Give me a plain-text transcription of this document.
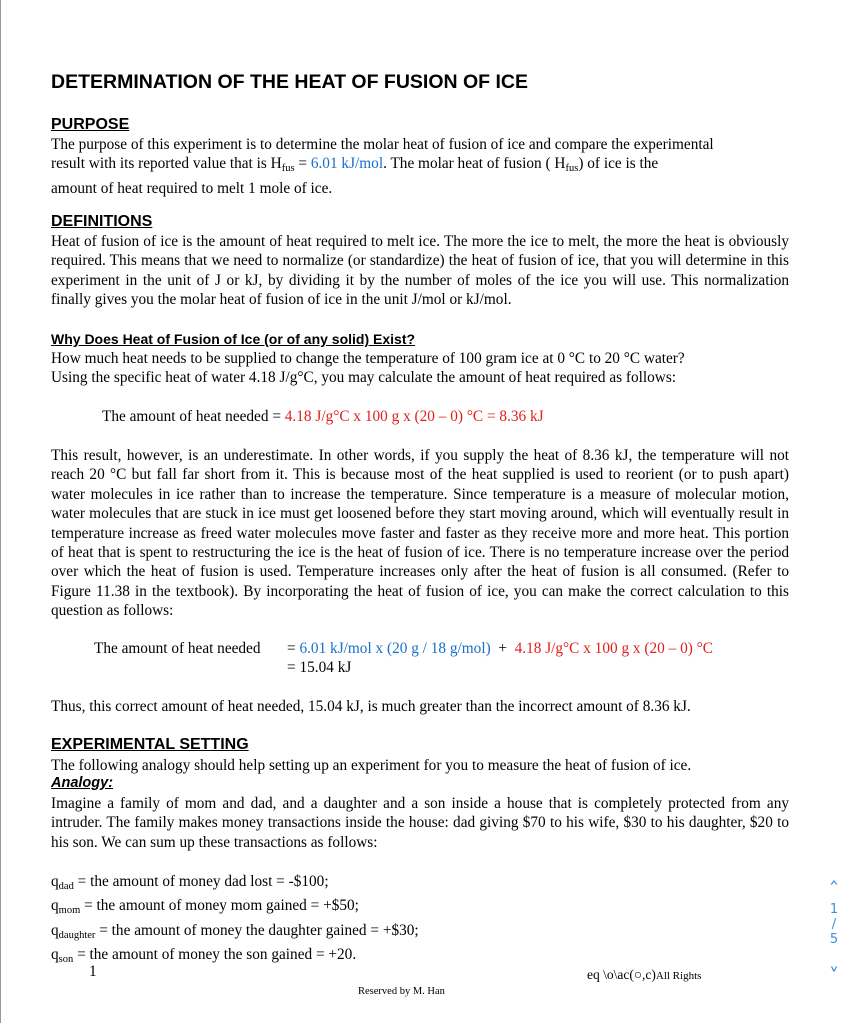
DETERMINATION OF THE HEAT OF FUSION OF ICE
PURPOSE
The purpose of this experiment is to determine the molar heat of fusion of ice and compare the experimental
result with its reported value that is $H_{fus} = 6.01$ kJ/mol. The molar heat of fusion ( $H_{fus}$) of ice is the
amount of heat required to melt 1 mole of ice.
DEFINITIONS
Heat of fusion of ice is the amount of heat required to melt ice. The more the ice to melt, the more the heat is obviously required. This means that we need to normalize (or standardize) the heat of fusion of ice, that you will determine in this experiment in the unit of J or kJ, by dividing it by the number of moles of the ice you will use. This normalization finally gives you the molar heat of fusion of ice in the unit J/mol or kJ/mol.
Why Does Heat of Fusion of Ice (or of any solid) Exist?
How much heat needs to be supplied to change the temperature of 100 gram ice at 0 °C to 20 °C water?
Using the specific heat of water 4.18 J/g°C, you may calculate the amount of heat required as follows:
The amount of heat needed = 4.18 J/g°C x 100 g x (20 – 0) °C = 8.36 kJ
This result, however, is an underestimate. In other words, if you supply the heat of 8.36 kJ, the temperature will not reach 20 °C but fall far short from it. This is because most of the heat supplied is used to reorient (or to push apart) water molecules in ice rather than to increase the temperature. Since temperature is a measure of molecular motion, water molecules that are stuck in ice must get loosened before they start moving around, which will eventually result in temperature increase as freed water molecules move faster and faster as they receive more and more heat. This portion of heat that is spent to restructuring the ice is the heat of fusion of ice. There is no temperature increase over the period over which the heat of fusion is used. Temperature increases only after the heat of fusion is all consumed. (Refer to Figure 11.38 in the textbook). By incorporating the heat of fusion of ice, you can make the correct calculation to this question as follows:
The amount of heat needed = 6.01 kJ/mol x (20 g / 18 g/mol)  +  4.18 J/g°C x 100 g x (20 – 0) °C
= 15.04 kJ
Thus, this correct amount of heat needed, 15.04 kJ, is much greater than the incorrect amount of 8.36 kJ.
EXPERIMENTAL SETTING
The following analogy should help setting up an experiment for you to measure the heat of fusion of ice.
Analogy:
Imagine a family of mom and dad, and a daughter and a son inside a house that is completely protected from any intruder. The family makes money transactions inside the house: dad giving $70 to his wife, $30 to his daughter, $20 to his son. We can sum up these transactions as follows:
$q_{dad}$ = the amount of money dad lost = -$100;
$q_{mom}$ = the amount of money mom gained = +$50;
$q_{daughter}$ = the amount of money the daughter gained = +$30;
$q_{son}$ = the amount of money the son gained = +20.
1	eq \o\ac(○,c)All Rights
Reserved by M. Han
‸
1
/
5
˅
